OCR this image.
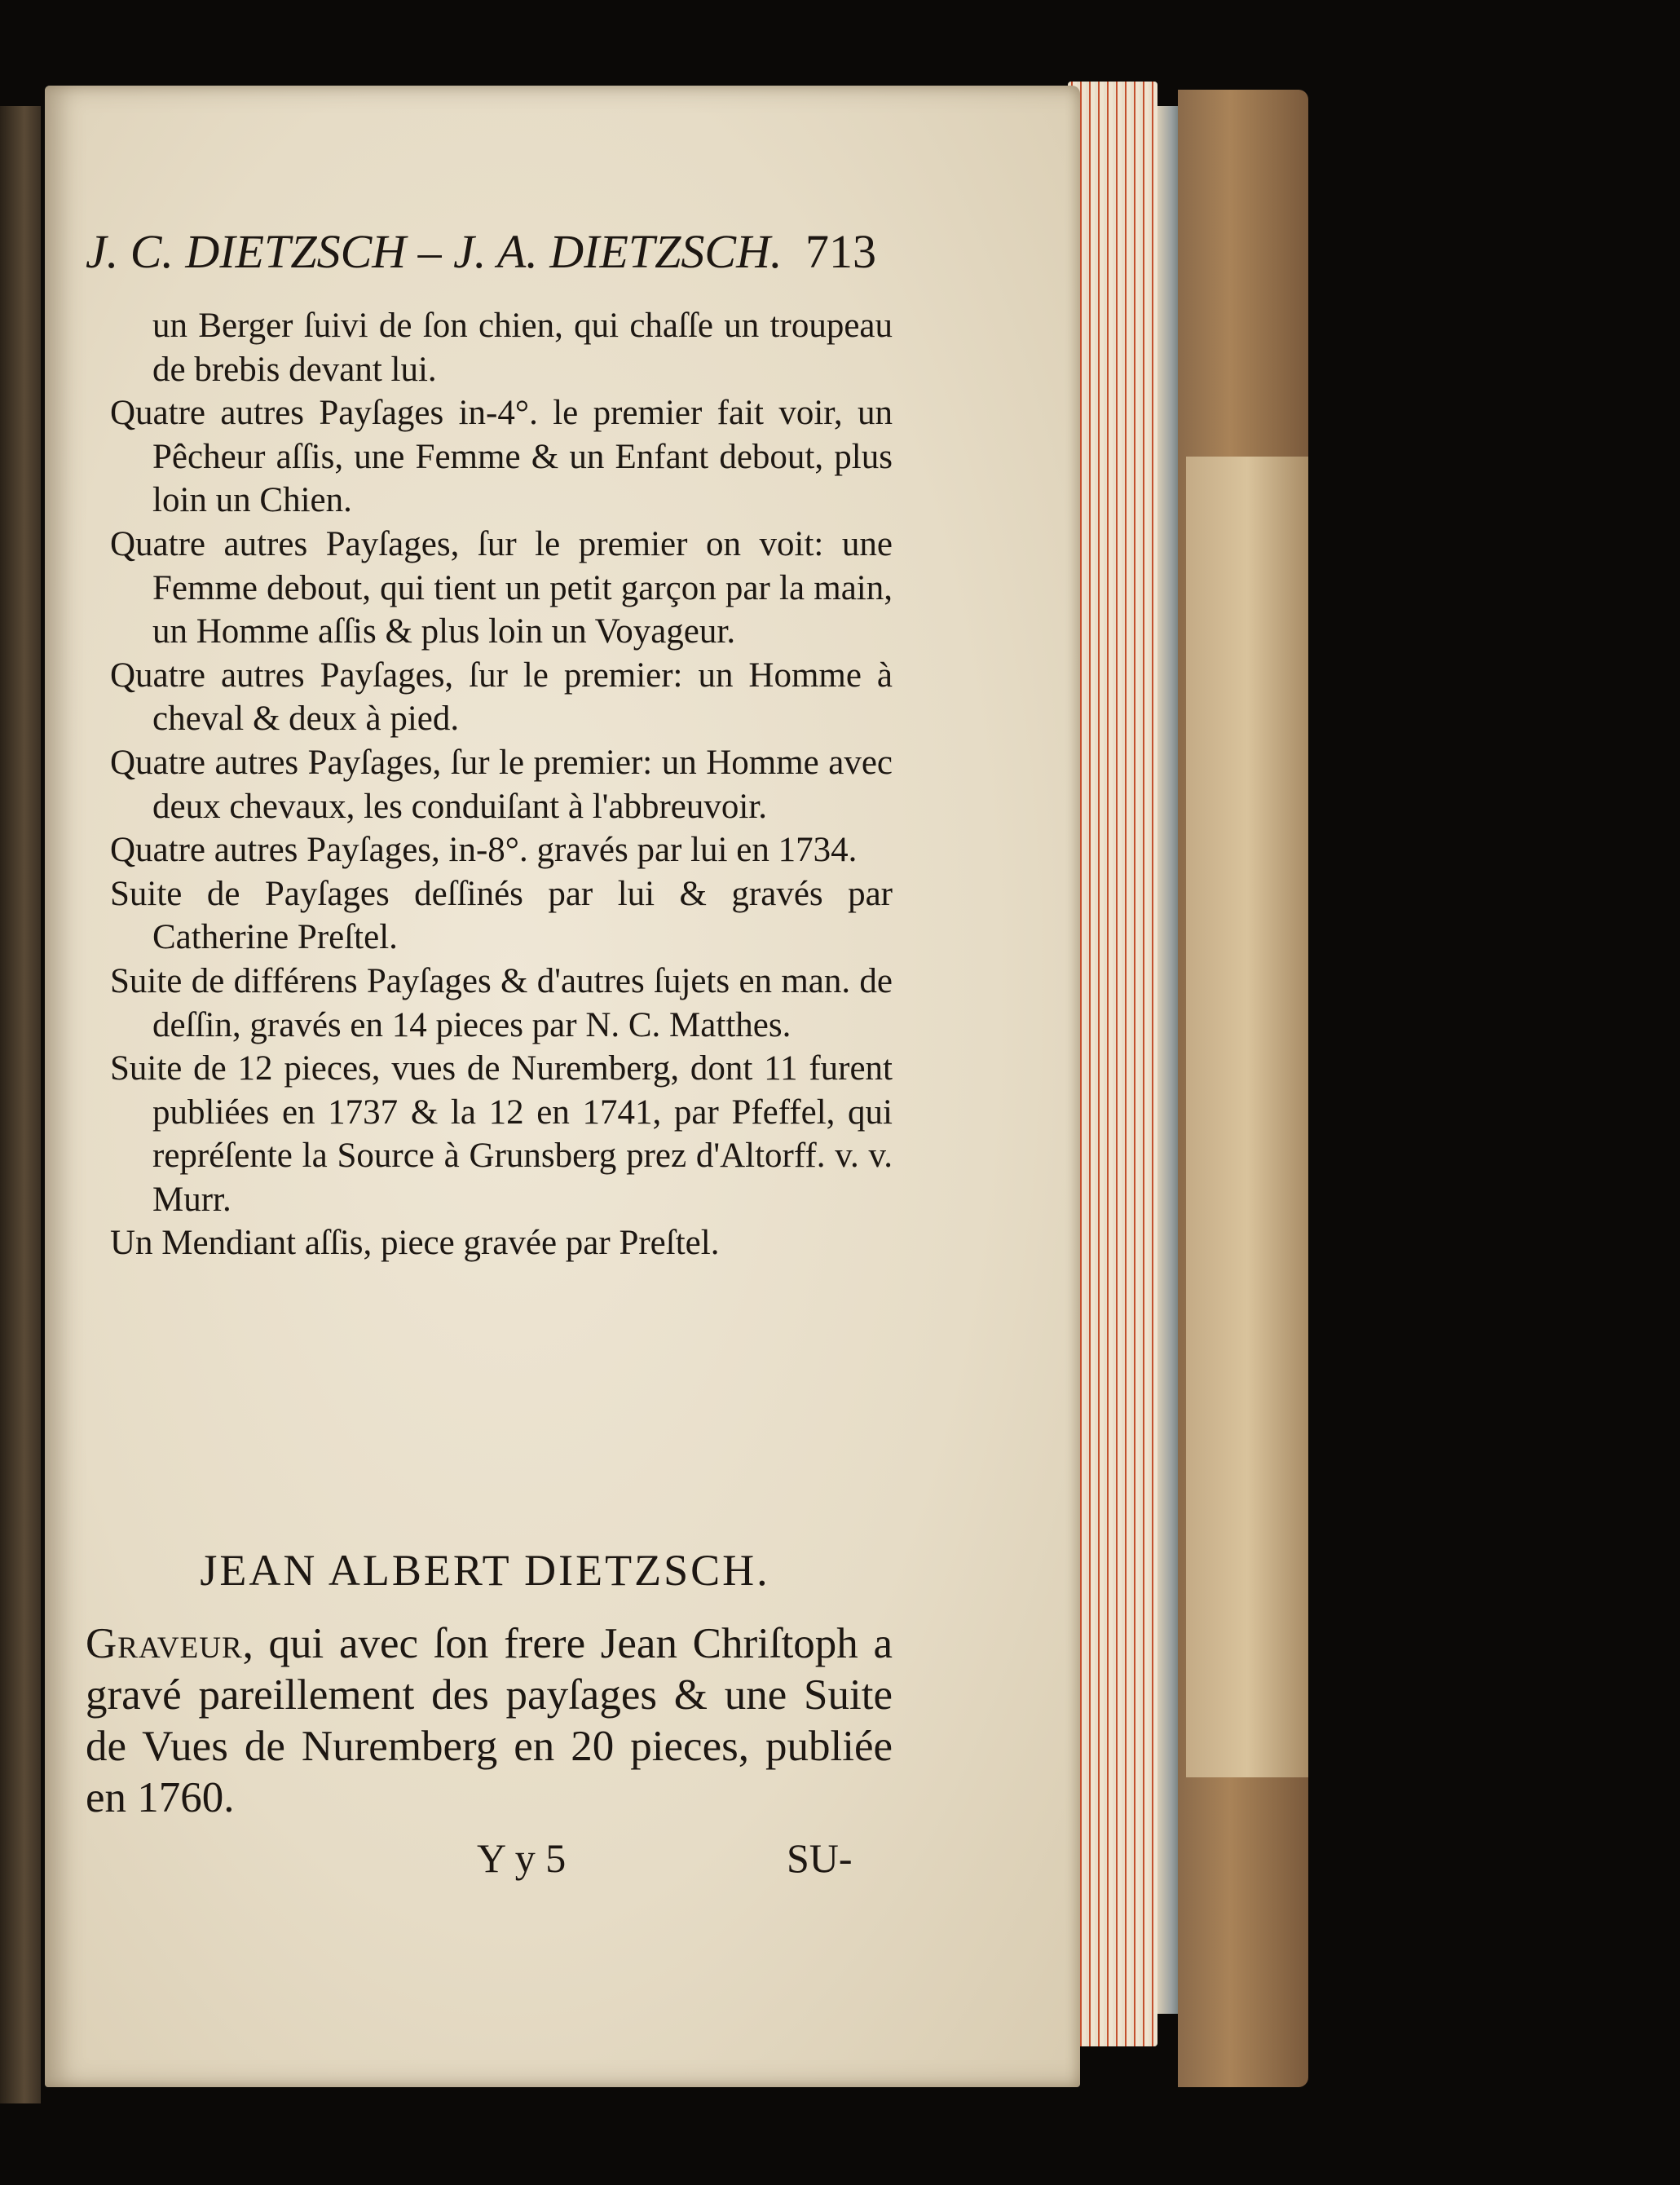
J. C. DIETZSCH – J. A. DIETZSCH. 713
un Berger ſuivi de ſon chien, qui chaſſe un troupeau de brebis devant lui.
Quatre autres Payſages in-4°. le premier fait voir, un Pêcheur aſſis, une Femme & un Enfant debout, plus loin un Chien.
Quatre autres Payſages, ſur le premier on voit: une Femme debout, qui tient un petit garçon par la main, un Homme aſſis & plus loin un Voyageur.
Quatre autres Payſages, ſur le premier: un Homme à cheval & deux à pied.
Quatre autres Payſages, ſur le premier: un Homme avec deux chevaux, les conduiſant à l'abbreuvoir.
Quatre autres Payſages, in-8°. gravés par lui en 1734.
Suite de Payſages deſſinés par lui & gravés par Catherine Preſtel.
Suite de différens Payſages & d'autres ſujets en man. de deſſin, gravés en 14 pieces par N. C. Matthes.
Suite de 12 pieces, vues de Nuremberg, dont 11 furent publiées en 1737 & la 12 en 1741, par Pfeffel, qui repréſente la Source à Grunsberg prez d'Altorff. v. v. Murr.
Un Mendiant aſſis, piece gravée par Preſtel.
JEAN ALBERT DIETZSCH.
Graveur, qui avec ſon frere Jean Chriſtoph a gravé pareillement des payſages & une Suite de Vues de Nuremberg en 20 pieces, publiée en 1760.
Y y 5	SU-
